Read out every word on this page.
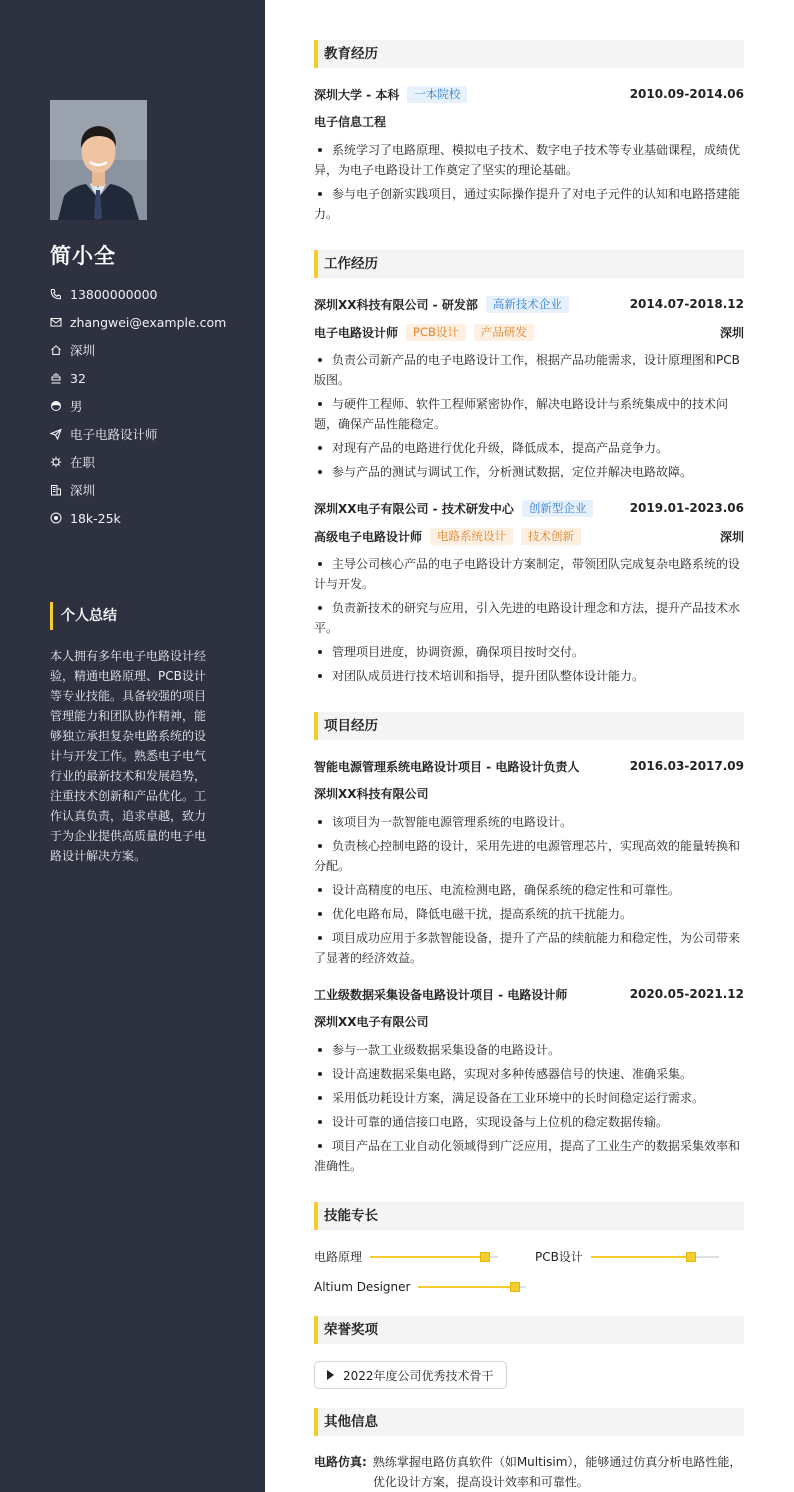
简小全
13800000000
zhangwei@example.com
深圳
32
男
电子电路设计师
在职
深圳
18k-25k
个人总结
本人拥有多年电子电路设计经验，精通电路原理、PCB设计等专业技能。具备较强的项目管理能力和团队协作精神，能够独立承担复杂电路系统的设计与开发工作。熟悉电子电气行业的最新技术和发展趋势，注重技术创新和产品优化。工作认真负责，追求卓越，致力于为企业提供高质量的电子电路设计解决方案。
教育经历
深圳大学 - 本科	一本院校	2010.09-2014.06
电子信息工程
系统学习了电路原理、模拟电子技术、数字电子技术等专业基础课程，成绩优异，为电子电路设计工作奠定了坚实的理论基础。
参与电子创新实践项目，通过实际操作提升了对电子元件的认知和电路搭建能力。
工作经历
深圳XX科技有限公司 - 研发部	高新技术企业	2014.07-2018.12
电子电路设计师	PCB设计	产品研发	深圳
负责公司新产品的电子电路设计工作，根据产品功能需求，设计原理图和PCB版图。
与硬件工程师、软件工程师紧密协作，解决电路设计与系统集成中的技术问题，确保产品性能稳定。
对现有产品的电路进行优化升级，降低成本，提高产品竞争力。
参与产品的测试与调试工作，分析测试数据，定位并解决电路故障。
深圳XX电子有限公司 - 技术研发中心	创新型企业	2019.01-2023.06
高级电子电路设计师	电路系统设计	技术创新	深圳
主导公司核心产品的电子电路设计方案制定，带领团队完成复杂电路系统的设计与开发。
负责新技术的研究与应用，引入先进的电路设计理念和方法，提升产品技术水平。
管理项目进度，协调资源，确保项目按时交付。
对团队成员进行技术培训和指导，提升团队整体设计能力。
项目经历
智能电源管理系统电路设计项目 - 电路设计负责人	2016.03-2017.09
深圳XX科技有限公司
该项目为一款智能电源管理系统的电路设计。
负责核心控制电路的设计，采用先进的电源管理芯片，实现高效的能量转换和分配。
设计高精度的电压、电流检测电路，确保系统的稳定性和可靠性。
优化电路布局，降低电磁干扰，提高系统的抗干扰能力。
项目成功应用于多款智能设备，提升了产品的续航能力和稳定性，为公司带来了显著的经济效益。
工业级数据采集设备电路设计项目 - 电路设计师	2020.05-2021.12
深圳XX电子有限公司
参与一款工业级数据采集设备的电路设计。
设计高速数据采集电路，实现对多种传感器信号的快速、准确采集。
采用低功耗设计方案，满足设备在工业环境中的长时间稳定运行需求。
设计可靠的通信接口电路，实现设备与上位机的稳定数据传输。
项目产品在工业自动化领域得到广泛应用，提高了工业生产的数据采集效率和准确性。
技能专长
电路原理	PCB设计
Altium Designer
荣誉奖项
2022年度公司优秀技术骨干
其他信息
电路仿真: 熟练掌握电路仿真软件（如Multisim），能够通过仿真分析电路性能，优化设计方案，提高设计效率和可靠性。
